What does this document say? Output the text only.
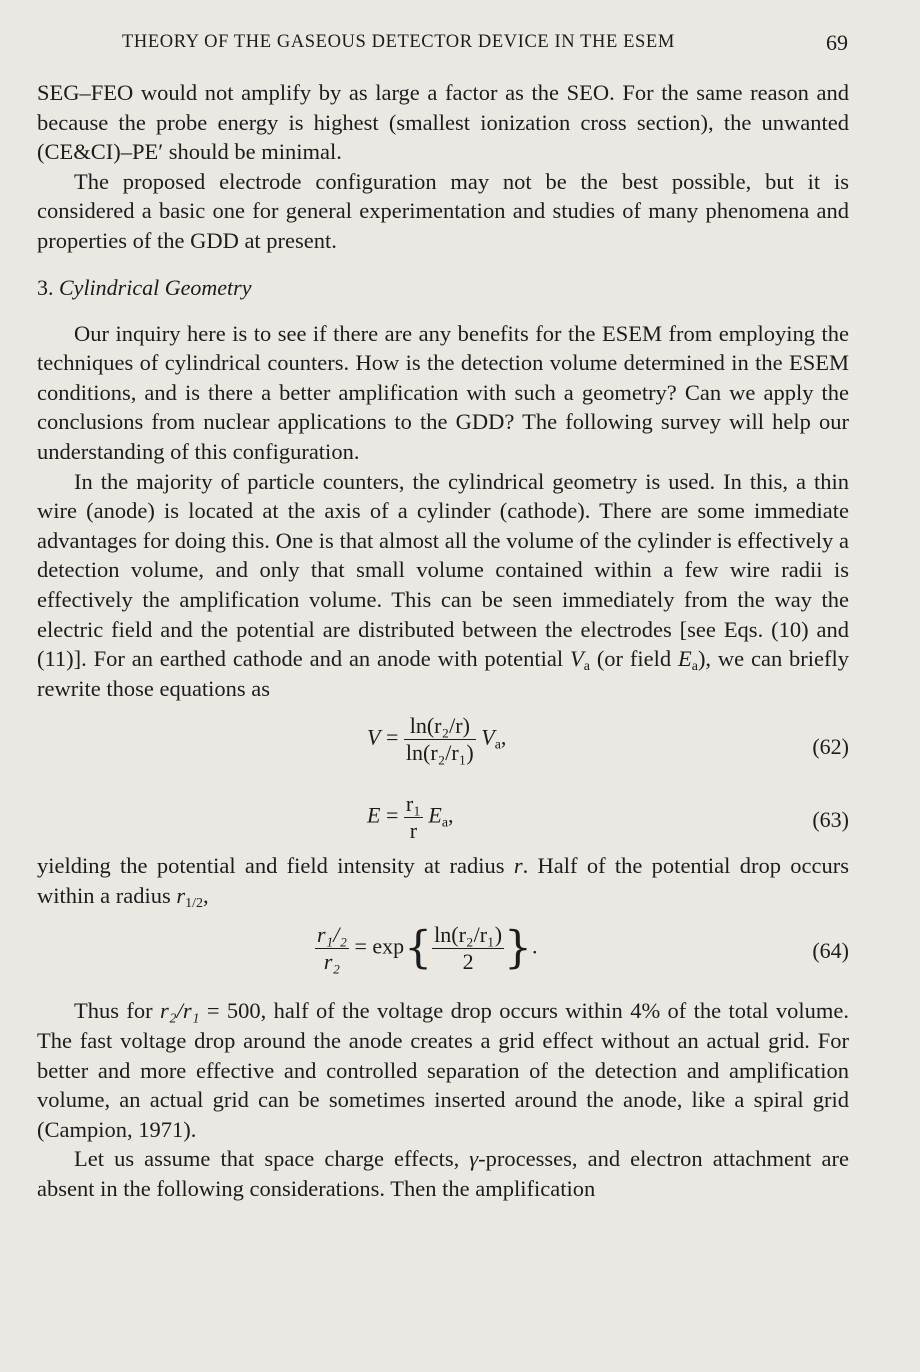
THEORY OF THE GASEOUS DETECTOR DEVICE IN THE ESEM	69

SEG–FEO would not amplify by as large a factor as the SEO. For the same reason and because the probe energy is highest (smallest ionization cross section), the unwanted (CE&CI)–PE′ should be minimal.

The proposed electrode configuration may not be the best possible, but it is considered a basic one for general experimentation and studies of many phenomena and properties of the GDD at present.

3. Cylindrical Geometry

Our inquiry here is to see if there are any benefits for the ESEM from employing the techniques of cylindrical counters. How is the detection volume determined in the ESEM conditions, and is there a better amplification with such a geometry? Can we apply the conclusions from nuclear applications to the GDD? The following survey will help our understanding of this configuration.

In the majority of particle counters, the cylindrical geometry is used. In this, a thin wire (anode) is located at the axis of a cylinder (cathode). There are some immediate advantages for doing this. One is that almost all the volume of the cylinder is effectively a detection volume, and only that small volume contained within a few wire radii is effectively the amplification volume. This can be seen immediately from the way the electric field and the potential are distributed between the electrodes [see Eqs. (10) and (11)]. For an earthed cathode and an anode with potential $V_a$ (or field $E_a$), we can briefly rewrite those equations as

$V = \frac{\text{ln(r₂/r)}}{\text{ln(r₂/r₁)}} V_a$,	(62)
$E = \frac{\text{r₁}}{r} E_a$,	(63)

yielding the potential and field intensity at radius r. Half of the potential drop occurs within a radius $r_{1/2}$,

$\frac{\text{r₁/₂}}{\text{r₂}} = \exp\{ \frac{\text{ln(r₂/r₁)}}{2}$ }.	(64)

Thus for r₂/r₁ = 500, half of the voltage drop occurs within 4% of the total volume. The fast voltage drop around the anode creates a grid effect without an actual grid. For better and more effective and controlled separation of the detection and amplification volume, an actual grid can be sometimes inserted around the anode, like a spiral grid (Campion, 1971).

Let us assume that space charge effects, γ-processes, and electron attachment are absent in the following considerations. Then the amplification
